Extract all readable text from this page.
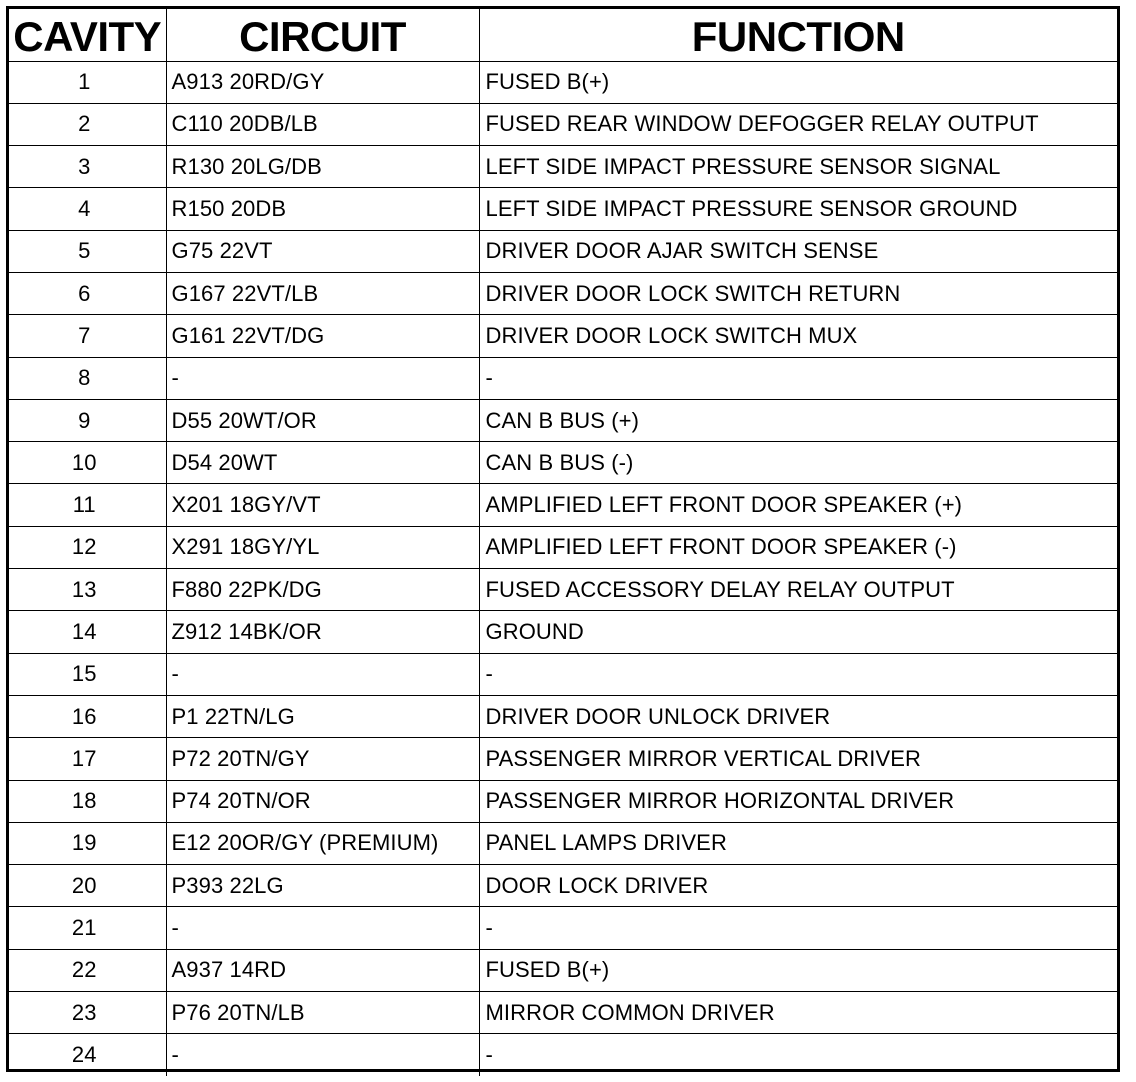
CAVITY	CIRCUIT	FUNCTION
1	A913 20RD/GY	FUSED B(+)
2	C110 20DB/LB	FUSED REAR WINDOW DEFOGGER RELAY OUTPUT
3	R130 20LG/DB	LEFT SIDE IMPACT PRESSURE SENSOR SIGNAL
4	R150 20DB	LEFT SIDE IMPACT PRESSURE SENSOR GROUND
5	G75 22VT	DRIVER DOOR AJAR SWITCH SENSE
6	G167 22VT/LB	DRIVER DOOR LOCK SWITCH RETURN
7	G161 22VT/DG	DRIVER DOOR LOCK SWITCH MUX
8	-	-
9	D55 20WT/OR	CAN B BUS (+)
10	D54 20WT	CAN B BUS (-)
11	X201 18GY/VT	AMPLIFIED LEFT FRONT DOOR SPEAKER (+)
12	X291 18GY/YL	AMPLIFIED LEFT FRONT DOOR SPEAKER (-)
13	F880 22PK/DG	FUSED ACCESSORY DELAY RELAY OUTPUT
14	Z912 14BK/OR	GROUND
15	-	-
16	P1 22TN/LG	DRIVER DOOR UNLOCK DRIVER
17	P72 20TN/GY	PASSENGER MIRROR VERTICAL DRIVER
18	P74 20TN/OR	PASSENGER MIRROR HORIZONTAL DRIVER
19	E12 20OR/GY (PREMIUM)	PANEL LAMPS DRIVER
20	P393 22LG	DOOR LOCK DRIVER
21	-	-
22	A937 14RD	FUSED B(+)
23	P76 20TN/LB	MIRROR COMMON DRIVER
24	-	-
